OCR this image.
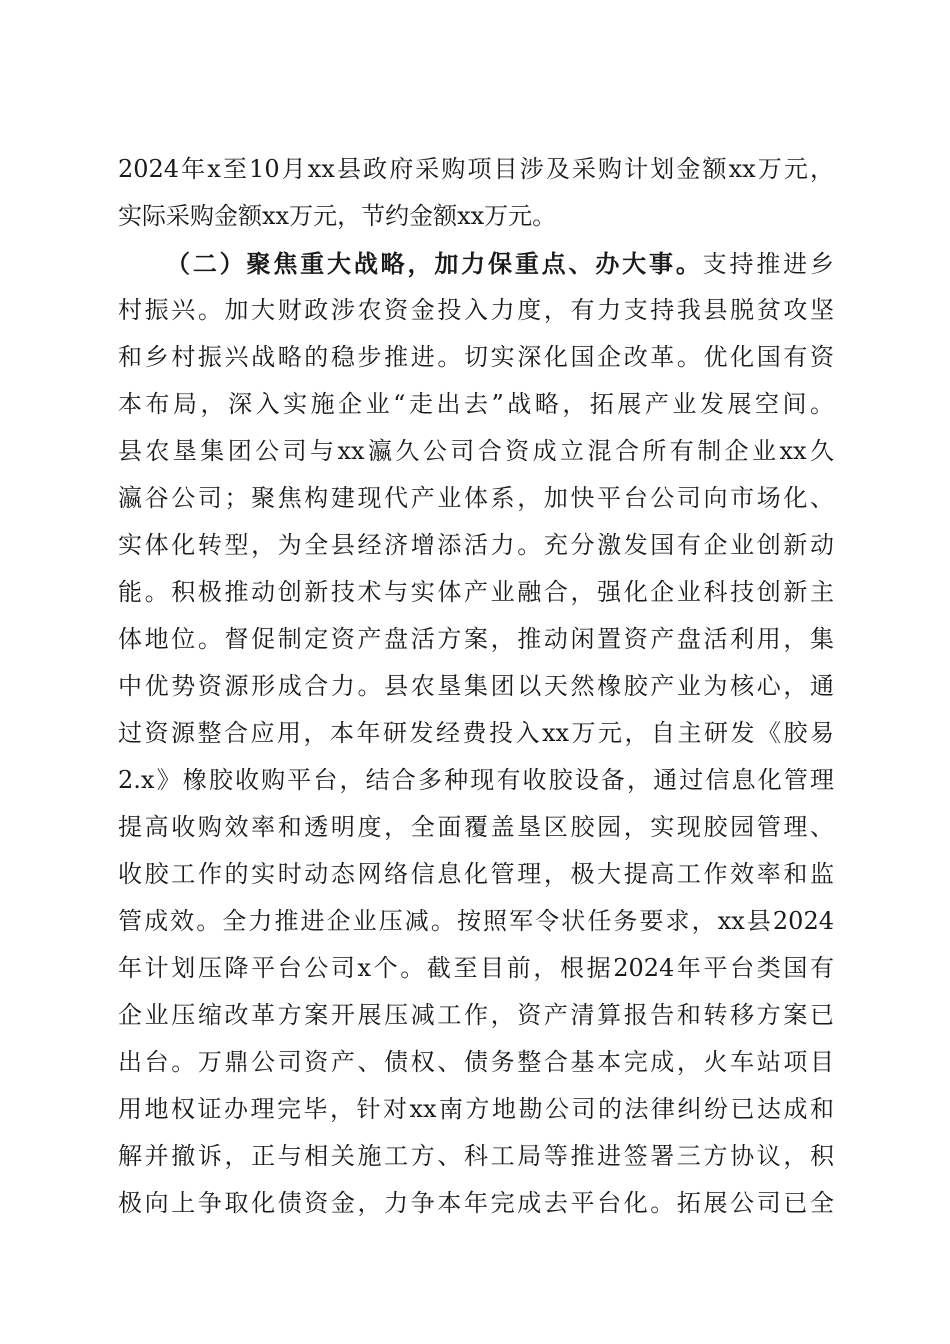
2024年x至10月xx县政府采购项目涉及采购计划金额xx万元，
实际采购金额xx万元，节约金额xx万元。
（二）聚焦重大战略，加力保重点、办大事。支持推进乡
村振兴。加大财政涉农资金投入力度，有力支持我县脱贫攻坚
和乡村振兴战略的稳步推进。切实深化国企改革。优化国有资
本布局，深入实施企业“走出去”战略，拓展产业发展空间。
县农垦集团公司与xx瀛久公司合资成立混合所有制企业xx久
瀛谷公司；聚焦构建现代产业体系，加快平台公司向市场化、
实体化转型，为全县经济增添活力。充分激发国有企业创新动
能。积极推动创新技术与实体产业融合，强化企业科技创新主
体地位。督促制定资产盘活方案，推动闲置资产盘活利用，集
中优势资源形成合力。县农垦集团以天然橡胶产业为核心，通
过资源整合应用，本年研发经费投入xx万元，自主研发《胶易
2.x》橡胶收购平台，结合多种现有收胶设备，通过信息化管理
提高收购效率和透明度，全面覆盖垦区胶园，实现胶园管理、
收胶工作的实时动态网络信息化管理，极大提高工作效率和监
管成效。全力推进企业压减。按照军令状任务要求，xx县2024
年计划压降平台公司x个。截至目前，根据2024年平台类国有
企业压缩改革方案开展压减工作，资产清算报告和转移方案已
出台。万鼎公司资产、债权、债务整合基本完成，火车站项目
用地权证办理完毕，针对xx南方地勘公司的法律纠纷已达成和
解并撤诉，正与相关施工方、科工局等推进签署三方协议，积
极向上争取化债资金，力争本年完成去平台化。拓展公司已全
